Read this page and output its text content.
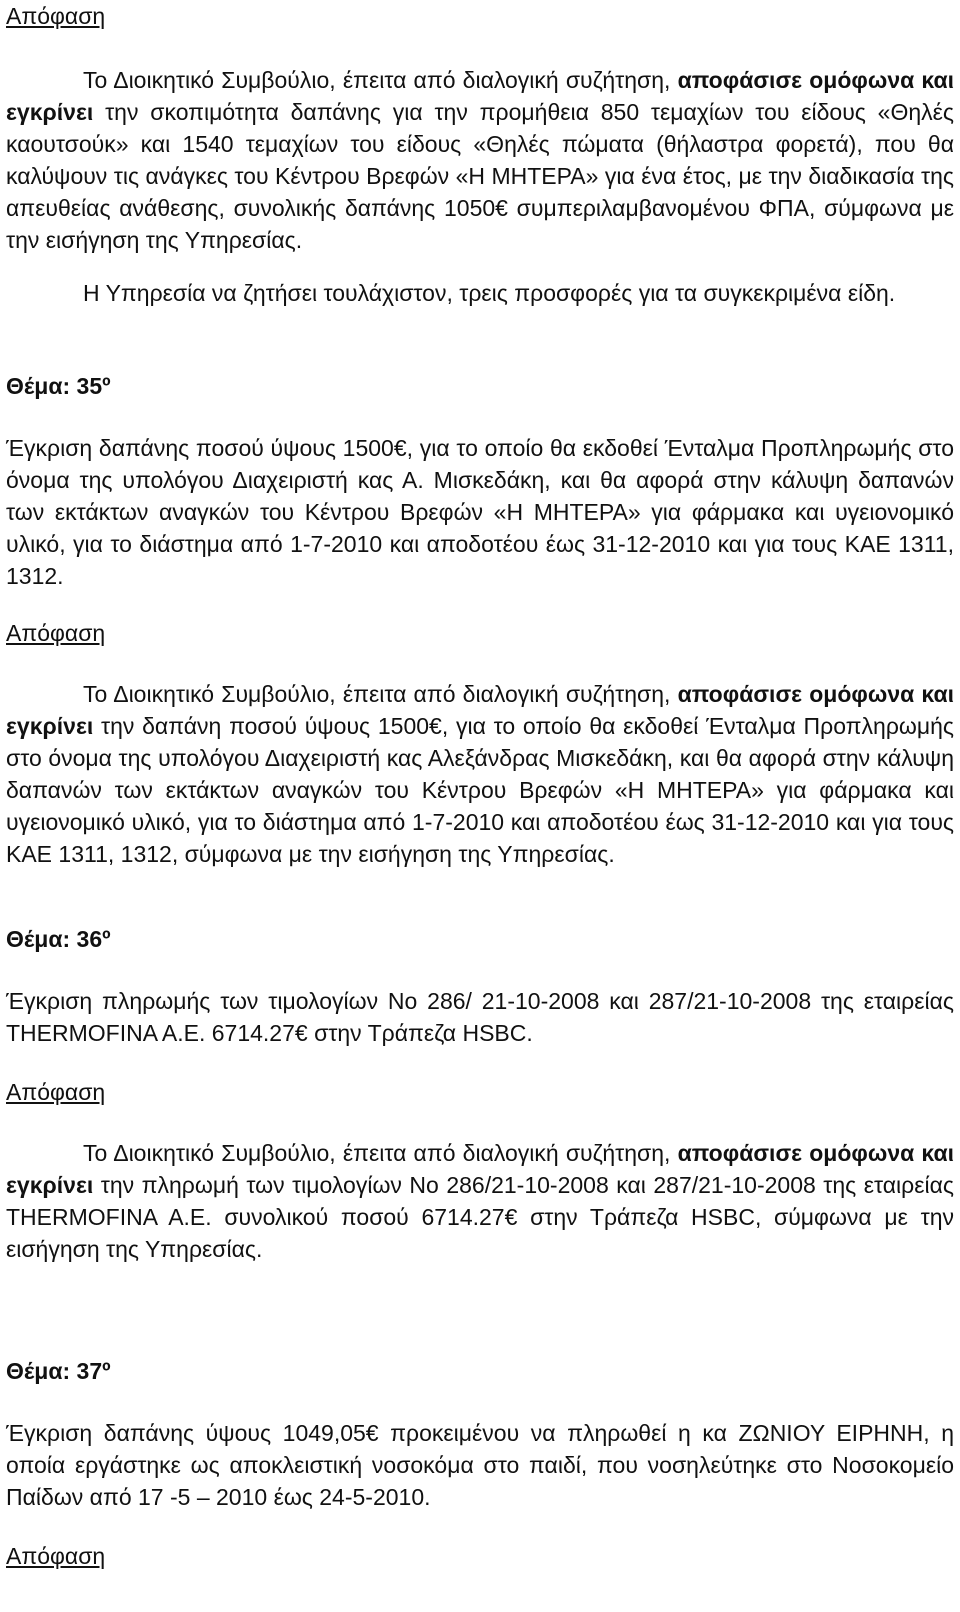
Απόφαση

Το Διοικητικό Συμβούλιο, έπειτα από διαλογική συζήτηση, αποφάσισε ομόφωνα και εγκρίνει την σκοπιμότητα δαπάνης για την προμήθεια 850 τεμαχίων του είδους «Θηλές καουτσούκ» και 1540 τεμαχίων του είδους «Θηλές πώματα (θήλαστρα φορετά), που θα καλύψουν τις ανάγκες του Κέντρου Βρεφών «Η ΜΗΤΕΡΑ» για ένα έτος, με την διαδικασία της απευθείας ανάθεσης, συνολικής δαπάνης 1050€ συμπεριλαμβανομένου ΦΠΑ, σύμφωνα με την εισήγηση της Υπηρεσίας.

Η Υπηρεσία να ζητήσει τουλάχιστον, τρεις προσφορές για τα συγκεκριμένα είδη.

Θέμα: 35º

Έγκριση δαπάνης ποσού ύψους 1500€, για το οποίο θα εκδοθεί Ένταλμα Προπληρωμής στο όνομα της υπολόγου Διαχειριστή κας Α. Μισκεδάκη, και θα αφορά στην κάλυψη δαπανών των εκτάκτων αναγκών του Κέντρου Βρεφών «Η ΜΗΤΕΡΑ» για φάρμακα και υγειονομικό υλικό, για το διάστημα από 1-7-2010 και αποδοτέου έως 31-12-2010 και για τους ΚΑΕ 1311, 1312.

Απόφαση

Το Διοικητικό Συμβούλιο, έπειτα από διαλογική συζήτηση, αποφάσισε ομόφωνα και εγκρίνει την δαπάνη ποσού ύψους 1500€, για το οποίο θα εκδοθεί Ένταλμα Προπληρωμής στο όνομα της υπολόγου Διαχειριστή κας Αλεξάνδρας Μισκεδάκη, και θα αφορά στην κάλυψη δαπανών των εκτάκτων αναγκών του Κέντρου Βρεφών «Η ΜΗΤΕΡΑ» για φάρμακα και υγειονομικό υλικό, για το διάστημα από 1-7-2010 και αποδοτέου έως 31-12-2010 και για τους ΚΑΕ 1311, 1312, σύμφωνα με την εισήγηση της Υπηρεσίας.

Θέμα: 36º

Έγκριση πληρωμής των τιμολογίων Νο 286/ 21-10-2008 και 287/21-10-2008 της εταιρείας THERMOFINA A.E. 6714.27€ στην Τράπεζα HSBC.

Απόφαση

Το Διοικητικό Συμβούλιο, έπειτα από διαλογική συζήτηση, αποφάσισε ομόφωνα και εγκρίνει την πληρωμή των τιμολογίων Νο 286/21-10-2008 και 287/21-10-2008 της εταιρείας THERMOFINA A.E. συνολικού ποσού 6714.27€ στην Τράπεζα HSBC, σύμφωνα με την εισήγηση της Υπηρεσίας.

Θέμα: 37º

Έγκριση δαπάνης ύψους 1049,05€ προκειμένου να πληρωθεί η κα ΖΩΝΙΟΥ ΕΙΡΗΝΗ, η οποία εργάστηκε ως αποκλειστική νοσοκόμα στο παιδί, που νοσηλεύτηκε στο Νοσοκομείο Παίδων από 17 -5 – 2010 έως 24-5-2010.

Απόφαση
